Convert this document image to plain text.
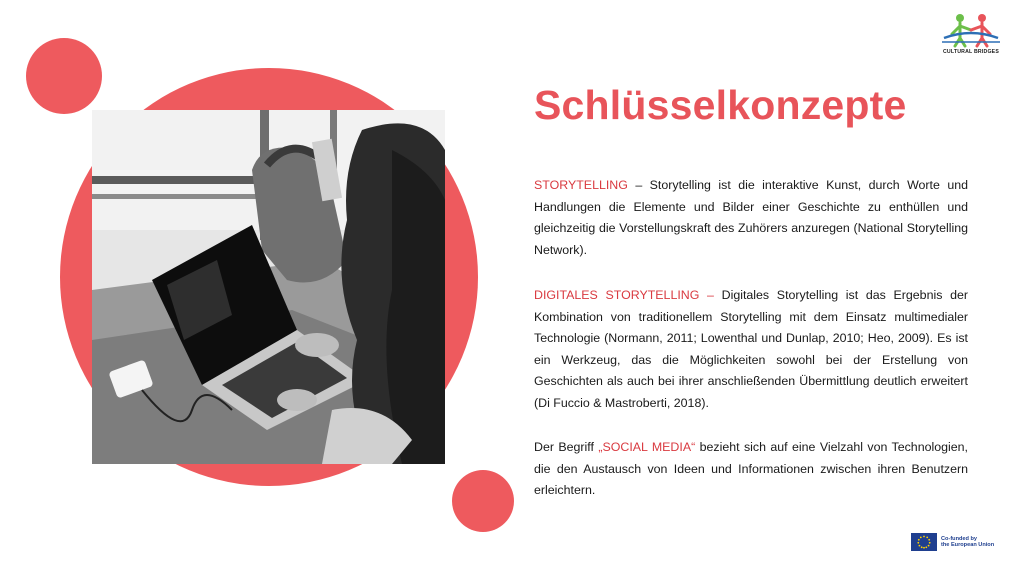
Schlüsselkonzepte
STORYTELLING – Storytelling ist die interaktive Kunst, durch Worte und Handlungen die Elemente und Bilder einer Geschichte zu enthüllen und gleichzeitig die Vorstellungskraft des Zuhörers anzuregen (National Storytelling Network).
DIGITALES STORYTELLING – Digitales Storytelling ist das Ergebnis der Kombination von traditionellem Storytelling mit dem Einsatz multimedialer Technologie (Normann, 2011; Lowenthal und Dunlap, 2010; Heo, 2009). Es ist ein Werkzeug, das die Möglichkeiten sowohl bei der Erstellung von Geschichten als auch bei ihrer anschließenden Übermittlung deutlich erweitert (Di Fuccio & Mastroberti, 2018).
Der Begriff „SOCIAL MEDIA“ bezieht sich auf eine Vielzahl von Technologien, die den Austausch von Ideen und Informationen zwischen ihren Benutzern erleichtern.
CULTURAL BRIDGES
Co-funded by
the European Union
